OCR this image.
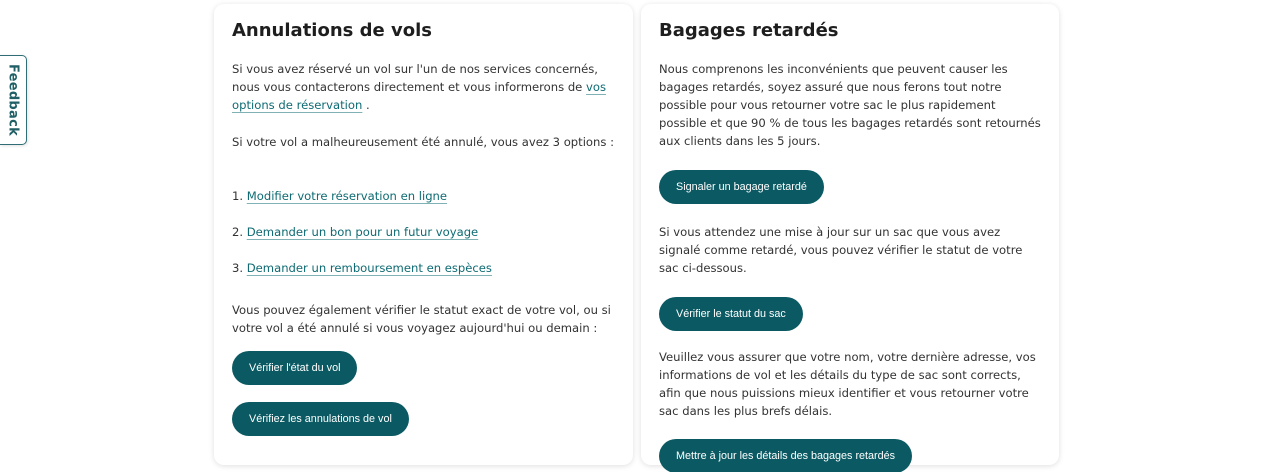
Feedback
Annulations de vols

Si vous avez réservé un vol sur l'un de nos services concernés, nous vous contacterons directement et vous informerons de vos options de réservation .

Si votre vol a malheureusement été annulé, vous avez 3 options :

1. Modifier votre réservation en ligne
2. Demander un bon pour un futur voyage
3. Demander un remboursement en espèces

Vous pouvez également vérifier le statut exact de votre vol, ou si votre vol a été annulé si vous voyagez aujourd'hui ou demain :

Vérifier l'état du vol
Vérifiez les annulations de vol
Bagages retardés

Nous comprenons les inconvénients que peuvent causer les bagages retardés, soyez assuré que nous ferons tout notre possible pour vous retourner votre sac le plus rapidement possible et que 90 % de tous les bagages retardés sont retournés aux clients dans les 5 jours.

Signaler un bagage retardé

Si vous attendez une mise à jour sur un sac que vous avez signalé comme retardé, vous pouvez vérifier le statut de votre sac ci-dessous.

Vérifier le statut du sac

Veuillez vous assurer que votre nom, votre dernière adresse, vos informations de vol et les détails du type de sac sont corrects, afin que nous puissions mieux identifier et vous retourner votre sac dans les plus brefs délais.

Mettre à jour les détails des bagages retardés
